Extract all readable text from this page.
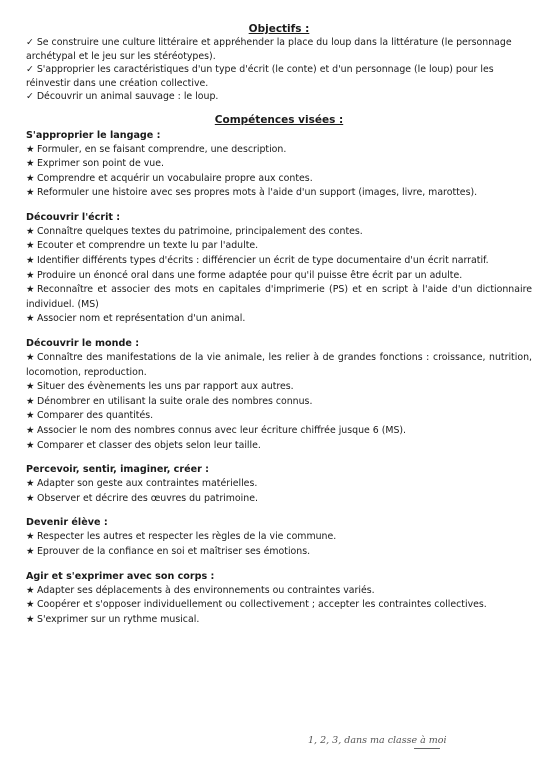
Objectifs :

✓ Se construire une culture littéraire et appréhender la place du loup dans la littérature (le personnage archétypal et le jeu sur les stéréotypes).
✓ S'approprier les caractéristiques d'un type d'écrit (le conte) et d'un personnage (le loup) pour les réinvestir dans une création collective.
✓ Découvrir un animal sauvage : le loup.

Compétences visées :

S'approprier le langage :

★ Formuler, en se faisant comprendre, une description.

★ Exprimer son point de vue.

★ Comprendre et acquérir un vocabulaire propre aux contes.

★ Reformuler une histoire avec ses propres mots à l'aide d'un support (images, livre, marottes).

Découvrir l'écrit :

★ Connaître quelques textes du patrimoine, principalement des contes.

★ Ecouter et comprendre un texte lu par l'adulte.

★ Identifier différents types d'écrits : différencier un écrit de type documentaire d'un écrit narratif.

★ Produire un énoncé oral dans une forme adaptée pour qu'il puisse être écrit par un adulte.

★ Reconnaître et associer des mots en capitales d'imprimerie (PS) et en script à l'aide d'un dictionnaire individuel. (MS)

★ Associer nom et représentation d'un animal.

Découvrir le monde :

★ Connaître des manifestations de la vie animale, les relier à de grandes fonctions : croissance, nutrition, locomotion, reproduction.

★ Situer des évènements les uns par rapport aux autres.

★ Dénombrer en utilisant la suite orale des nombres connus.

★ Comparer des quantités.

★ Associer le nom des nombres connus avec leur écriture chiffrée jusque 6 (MS).

★ Comparer et classer des objets selon leur taille.

Percevoir, sentir, imaginer, créer :

★ Adapter son geste aux contraintes matérielles.

★ Observer et décrire des œuvres du patrimoine.

Devenir élève :

★ Respecter les autres et respecter les règles de la vie commune.

★ Eprouver de la confiance en soi et maîtriser ses émotions.

Agir et s'exprimer avec son corps :

★ Adapter ses déplacements à des environnements ou contraintes variés.

★ Coopérer et s'opposer individuellement ou collectivement ; accepter les contraintes collectives.

★ S'exprimer sur un rythme musical.

1, 2, 3, dans ma classe à moi
